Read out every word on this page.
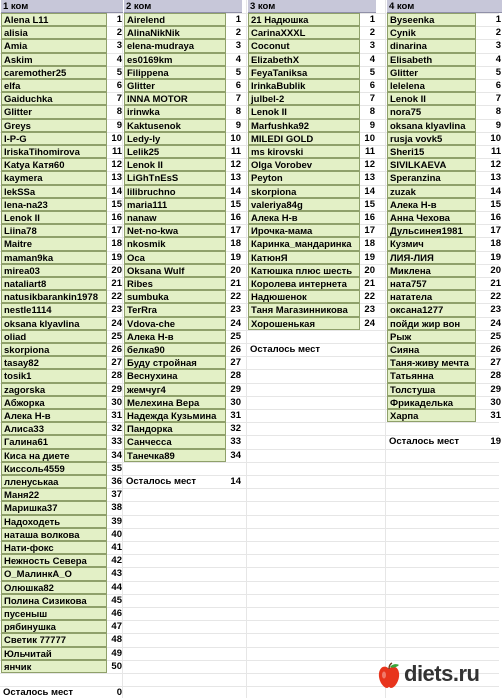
1 ком
Alena L11	1
alisia	2
Amia	3
Askim	4
caremother25	5
elfa	6
Gaiduchka	7
Glitter	8
Greys	9
I-P-G	10
IriskaTihomirova	11
Katya Катя60	12
kaymera	13
lekSSa	14
lena-na23	15
Lenok II	16
Liina78	17
Maitre	18
maman9ka	19
mirea03	20
nataliart8	21
natusikbarankin1978	22
nestle1114	23
oksana klyavlina	24
oliad	25
skorpiona	26
tasay82	27
tosik1	28
zagorska	29
Абжорка	30
Алека Н-в	31
Алиса33	32
Галина61	33
Киса на диете	34
Кисcоль4559	35
лленуськаа	36
Маня22	37
Маришка37	38
Надоходеть	39
наташа волкова	40
Нати-фокс	41
Нежность Севера	42
О_МалинкА_О	43
Олюшка82	44
Полина Сизикова	45
пусеныш	46
рябинушка	47
Светик 77777	48
Юльчитай	49
янчик	50
Осталось мест	0
2 ком
Airelend	1
AlinaNikNik	2
elena-mudraya	3
es0169km	4
Filippena	5
Glitter	6
INNA MOTOR	7
irinwka	8
Kaktusenok	9
Ledy-ly	10
Lelik25	11
Lenok II	12
LiGhTnEsS	13
lilibruchno	14
maria111	15
nanaw	16
Net-no-kwa	17
nkosmik	18
Oca	19
Oksana Wulf	20
Ribes	21
sumbuka	22
TerRra	23
Vdova-che	24
Алека Н-в	25
белка90	26
Буду стройная	27
Веснухина	28
жемчуг4	29
Мелехина Вера	30
Надежда Кузьмина	31
Пандорка	32
Санчесса	33
Танечка89	34
Осталось мест	14
3 ком
21 Надюшка	1
CarinaXXXL	2
Coconut	3
ElizabethX	4
FeyaTaniksa	5
IrinkaBublik	6
julbel-2	7
Lenok II	8
Marfushka92	9
MILEDI GOLD	10
ms kirovski	11
Olga Vorobev	12
Peyton	13
skorpiona	14
valeriya84g	15
Алека Н-в	16
Ирочка-мама	17
Каринка_мандаринка	18
КатюнЯ	19
Катюшка плюс шесть	20
Королева интернета	21
Надюшенок	22
Таня Магазинникова	23
Хорошенькая	24
Осталось мест
4 ком
Byseenka	1
Cynik	2
dinarina	3
Elisabeth	4
Glitter	5
lelelena	6
Lenok II	7
nora75	8
oksana klyavlina	9
rusja vovk5	10
Sheri15	11
SIVILKAEVA	12
Speranzina	13
zuzak	14
Алека Н-в	15
Анна Чехова	16
Дульсинея1981	17
Кузмич	18
ЛИЯ-ЛИЯ	19
Миклена	20
ната757	21
нататела	22
оксана1277	23
пойди жир вон	24
Рыж	25
Сияна	26
Таня-живу мечта	27
Татьянна	28
Толстуша	29
Фрикаделька	30
Харпа	31
Осталось мест	19
diets.ru
